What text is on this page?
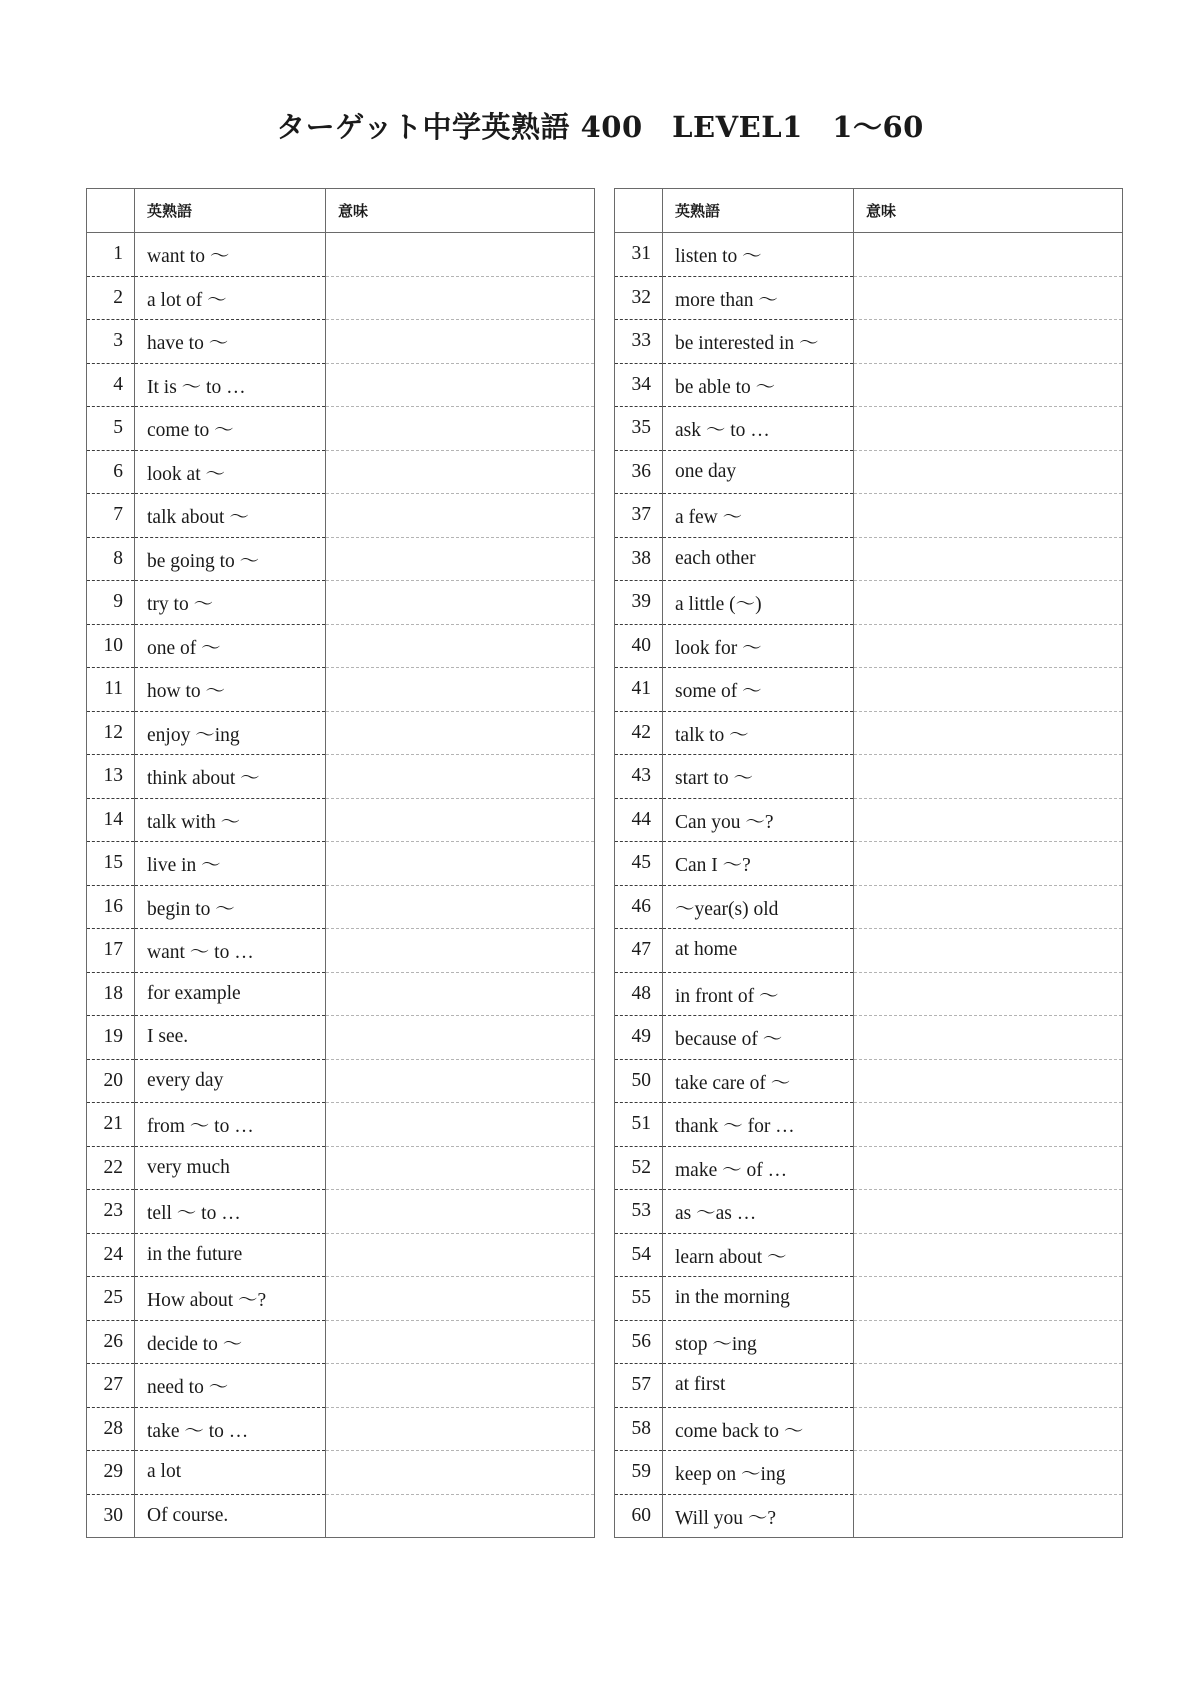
ターゲット中学英熟語 400　LEVEL1　1～60
	英熟語	意味
1	want to ～	
2	a lot of ～	
3	have to ～	
4	It is ～ to …	
5	come to ～	
6	look at ～	
7	talk about ～	
8	be going to ～	
9	try to ～	
10	one of ～	
11	how to ～	
12	enjoy ～ing	
13	think about ～	
14	talk with ～	
15	live in ～	
16	begin to ～	
17	want ～ to …	
18	for example	
19	I see.	
20	every day	
21	from ～ to …	
22	very much	
23	tell ～ to …	
24	in the future	
25	How about ～?	
26	decide to ～	
27	need to ～	
28	take ～ to …	
29	a lot	
30	Of course.	
	英熟語	意味
31	listen to ～	
32	more than ～	
33	be interested in ～	
34	be able to ～	
35	ask ～ to …	
36	one day	
37	a few ～	
38	each other	
39	a little (～)	
40	look for ～	
41	some of ～	
42	talk to ～	
43	start to ～	
44	Can you ～?	
45	Can I ～?	
46	～year(s) old	
47	at home	
48	in front of ～	
49	because of ～	
50	take care of ～	
51	thank ～ for …	
52	make ～ of …	
53	as ～as …	
54	learn about ～	
55	in the morning	
56	stop ～ing	
57	at first	
58	come back to ～	
59	keep on ～ing	
60	Will you ～?	
